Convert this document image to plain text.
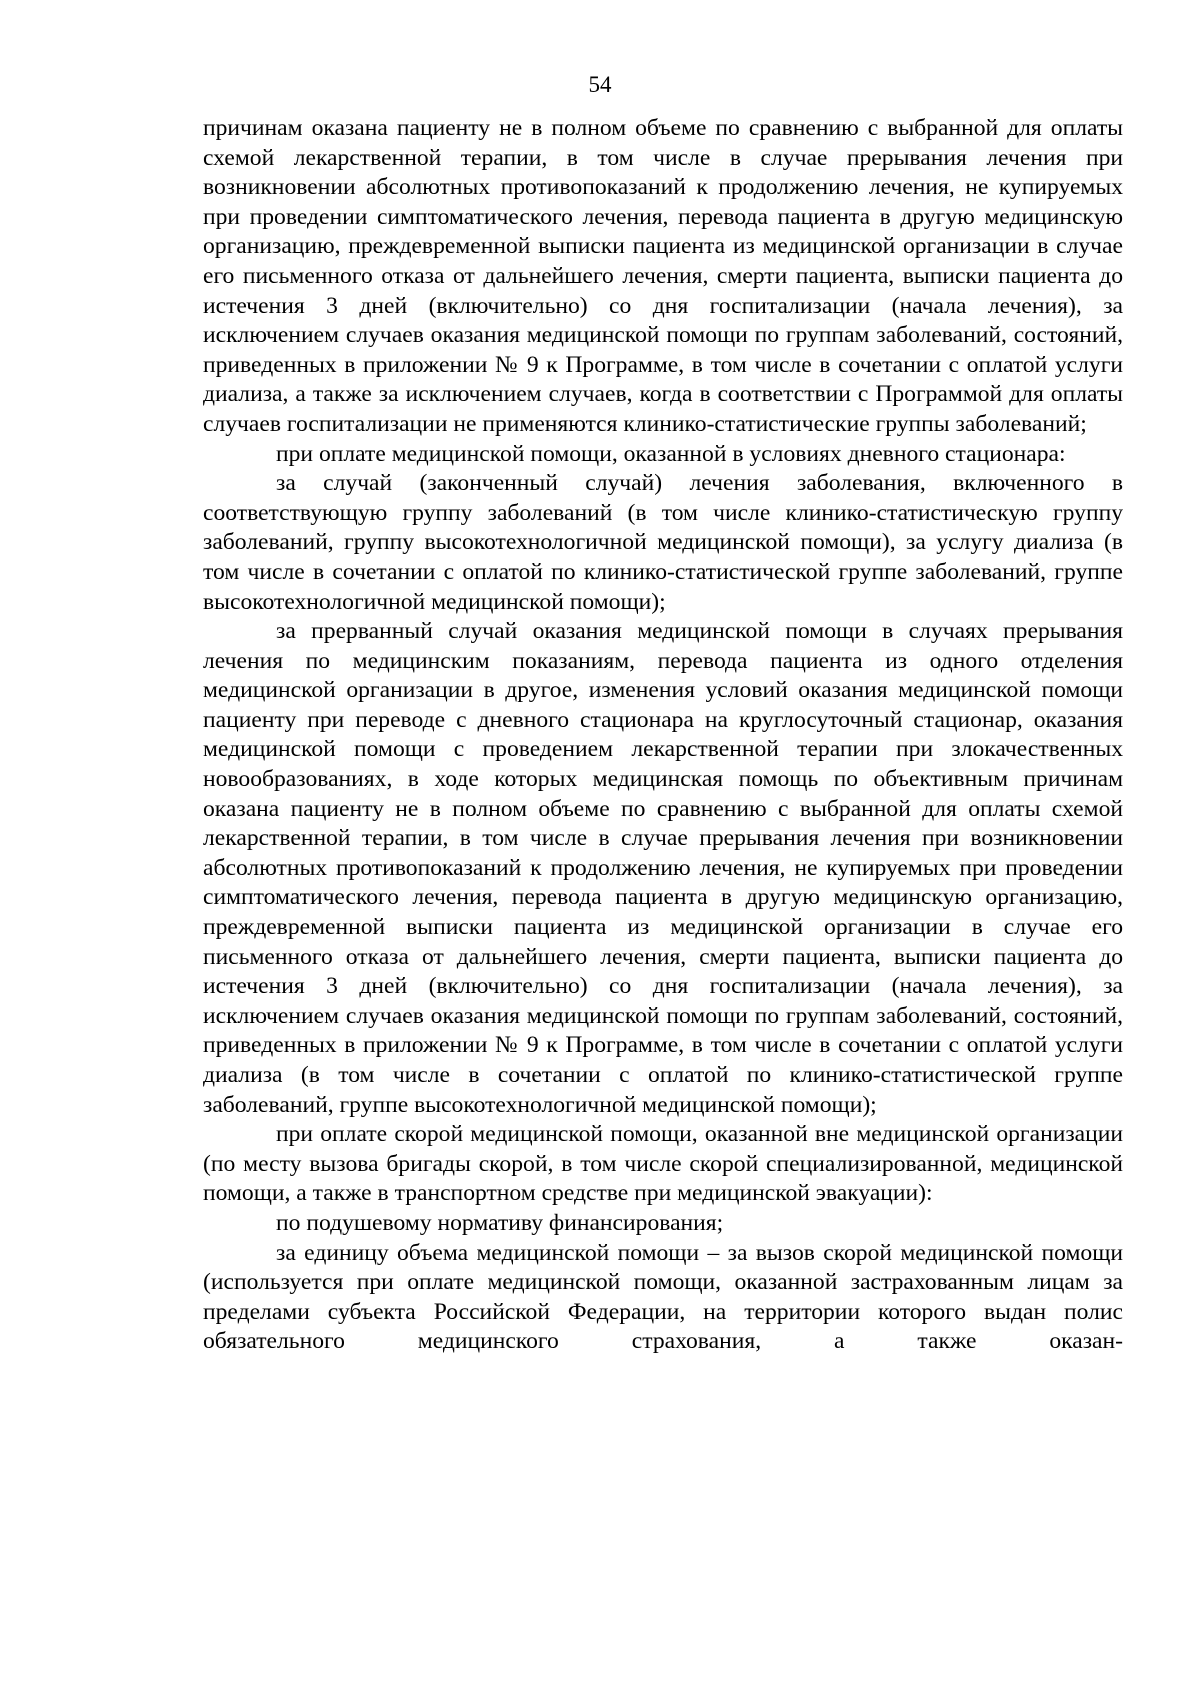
54

причинам оказана пациенту не в полном объеме по сравнению с выбранной для оплаты схемой лекарственной терапии, в том числе в случае прерывания лечения при возникновении абсолютных противопоказаний к продолжению лечения, не купируемых при проведении симптоматического лечения, перевода пациента в другую медицинскую организацию, преждевременной выписки пациента из медицинской организации в случае его письменного отказа от дальнейшего лечения, смерти пациента, выписки пациента до истечения 3 дней (включительно) со дня госпитализации (начала лечения), за исключением случаев оказания медицинской помощи по группам заболеваний, состояний, приведенных в приложении № 9 к Программе, в том числе в сочетании с оплатой услуги диализа, а также за исключением случаев, когда в соответствии с Программой для оплаты случаев госпитализации не применяются клинико-статистические группы заболеваний;

при оплате медицинской помощи, оказанной в условиях дневного стационара:

за случай (законченный случай) лечения заболевания, включенного в соответствующую группу заболеваний (в том числе клинико-статистическую группу заболеваний, группу высокотехнологичной медицинской помощи), за услугу диализа (в том числе в сочетании с оплатой по клинико-статистической группе заболеваний, группе высокотехнологичной медицинской помощи);

за прерванный случай оказания медицинской помощи в случаях прерывания лечения по медицинским показаниям, перевода пациента из одного отделения медицинской организации в другое, изменения условий оказания медицинской помощи пациенту при переводе с дневного стационара на круглосуточный стационар, оказания медицинской помощи с проведением лекарственной терапии при злокачественных новообразованиях, в ходе которых медицинская помощь по объективным причинам оказана пациенту не в полном объеме по сравнению с выбранной для оплаты схемой лекарственной терапии, в том числе в случае прерывания лечения при возникновении абсолютных противопоказаний к продолжению лечения, не купируемых при проведении симптоматического лечения, перевода пациента в другую медицинскую организацию, преждевременной выписки пациента из медицинской организации в случае его письменного отказа от дальнейшего лечения, смерти пациента, выписки пациента до истечения 3 дней (включительно) со дня госпитализации (начала лечения), за исключением случаев оказания медицинской помощи по группам заболеваний, состояний, приведенных в приложении № 9 к Программе, в том числе в сочетании с оплатой услуги диализа (в том числе в сочетании с оплатой по клинико-статистической группе заболеваний, группе высокотехнологичной медицинской помощи);

при оплате скорой медицинской помощи, оказанной вне медицинской организации (по месту вызова бригады скорой, в том числе скорой специализированной, медицинской помощи, а также в транспортном средстве при медицинской эвакуации):

по подушевому нормативу финансирования;

за единицу объема медицинской помощи – за вызов скорой медицинской помощи (используется при оплате медицинской помощи, оказанной застрахованным лицам за пределами субъекта Российской Федерации, на территории которого выдан полис обязательного медицинского страхования, а также оказан-
